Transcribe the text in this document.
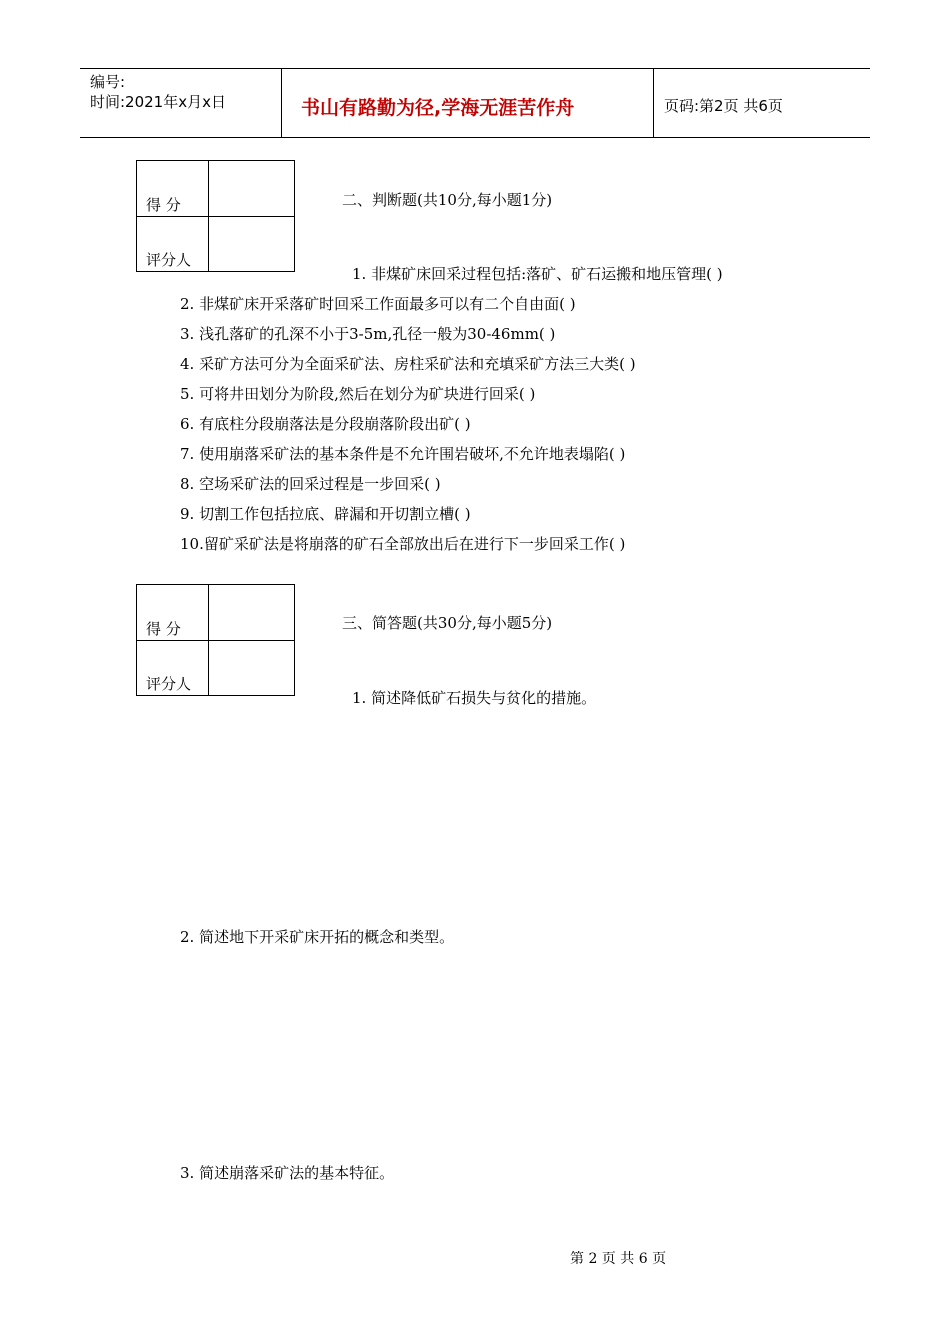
编号:
时间:2021年x月x日	书山有路勤为径,学海无涯苦作舟	页码:第2页 共6页
得 分
评分人
二、判断题(共10分,每小题1分)
1. 非煤矿床回采过程包括:落矿、矿石运搬和地压管理( )
2. 非煤矿床开采落矿时回采工作面最多可以有二个自由面( )
3. 浅孔落矿的孔深不小于3-5m,孔径一般为30-46mm( )
4. 采矿方法可分为全面采矿法、房柱采矿法和充填采矿方法三大类( )
5. 可将井田划分为阶段,然后在划分为矿块进行回采( )
6. 有底柱分段崩落法是分段崩落阶段出矿( )
7. 使用崩落采矿法的基本条件是不允许围岩破坏,不允许地表塌陷( )
8. 空场采矿法的回采过程是一步回采( )
9. 切割工作包括拉底、辟漏和开切割立槽( )
10.留矿采矿法是将崩落的矿石全部放出后在进行下一步回采工作( )
得 分
评分人
三、简答题(共30分,每小题5分)
1. 简述降低矿石损失与贫化的措施。
2. 简述地下开采矿床开拓的概念和类型。
3. 简述崩落采矿法的基本特征。
第 2 页 共 6 页
